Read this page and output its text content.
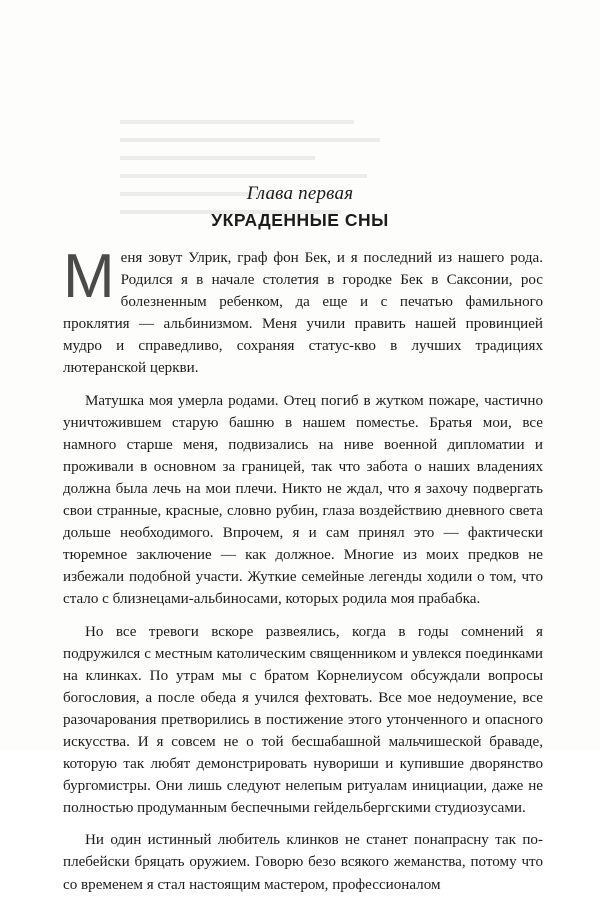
Глава первая
УКРАДЕННЫЕ СНЫ

Меня зовут Улрик, граф фон Бек, и я последний из нашего рода. Родился я в начале столетия в городке Бек в Саксонии, рос болезненным ребенком, да еще и с печатью фамильного проклятия — альбинизмом. Меня учили править нашей провинцией мудро и справедливо, сохраняя статус-кво в лучших традициях лютеранской церкви.

Матушка моя умерла родами. Отец погиб в жутком пожаре, частично уничтожившем старую башню в нашем поместье. Братья мои, все намного старше меня, подвизались на ниве военной дипломатии и проживали в основном за границей, так что забота о наших владениях должна была лечь на мои плечи. Никто не ждал, что я захочу подвергать свои странные, красные, словно рубин, глаза воздействию дневного света дольше необходимого. Впрочем, я и сам принял это — фактически тюремное заключение — как должное. Многие из моих предков не избежали подобной участи. Жуткие семейные легенды ходили о том, что стало с близнецами-альбиносами, которых родила моя прабабка.

Но все тревоги вскоре развеялись, когда в годы сомнений я подружился с местным католическим священником и увлекся поединками на клинках. По утрам мы с братом Корнелиусом обсуждали вопросы богословия, а после обеда я учился фехтовать. Все мое недоумение, все разочарования претворились в постижение этого утонченного и опасного искусства. И я совсем не о той бесшабашной мальчишеской браваде, которую так любят демонстрировать нувориши и купившие дворянство бургомистры. Они лишь следуют нелепым ритуалам инициации, даже не полностью продуманным беспечными гейдельбергскими студиозусами.

Ни один истинный любитель клинков не станет понапрасну так по-плебейски бряцать оружием. Говорю безо всякого жеманства, потому что со временем я стал настоящим мастером, профессионалом
